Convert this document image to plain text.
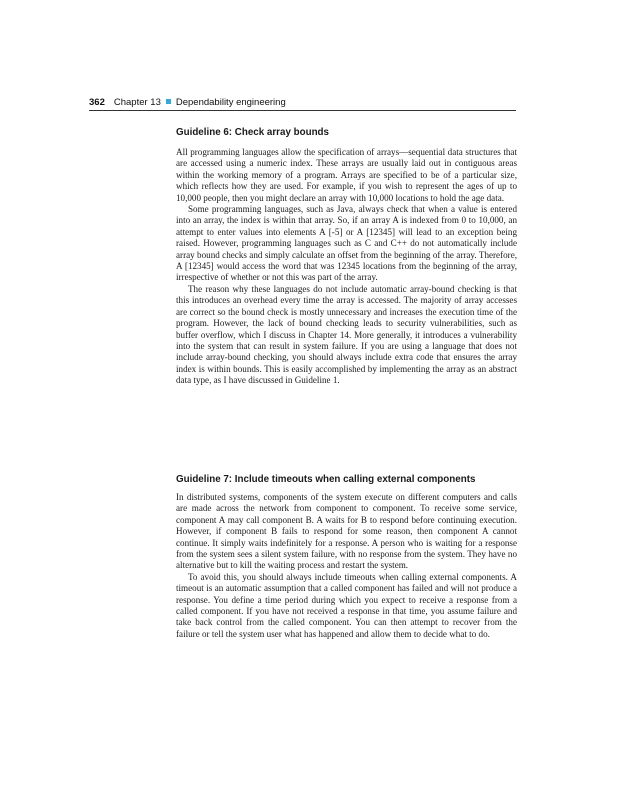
362 Chapter 13 Dependability engineering
Guideline 6: Check array bounds

All programming languages allow the specification of arrays—sequential data structures that are accessed using a numeric index. These arrays are usually laid out in contiguous areas within the working memory of a program. Arrays are specified to be of a particular size, which reflects how they are used. For example, if you wish to represent the ages of up to 10,000 people, then you might declare an array with 10,000 locations to hold the age data.

Some programming languages, such as Java, always check that when a value is entered into an array, the index is within that array. So, if an array A is indexed from 0 to 10,000, an attempt to enter values into elements A [-5] or A [12345] will lead to an exception being raised. However, programming languages such as C and C++ do not automatically include array bound checks and simply calculate an offset from the beginning of the array. Therefore, A [12345] would access the word that was 12345 locations from the beginning of the array, irrespective of whether or not this was part of the array.

The reason why these languages do not include automatic array-bound checking is that this introduces an overhead every time the array is accessed. The majority of array accesses are correct so the bound check is mostly unnecessary and increases the execution time of the program. However, the lack of bound checking leads to security vulnerabilities, such as buffer overflow, which I discuss in Chapter 14. More generally, it introduces a vulnerability into the system that can result in system failure. If you are using a language that does not include array-bound checking, you should always include extra code that ensures the array index is within bounds. This is easily accomplished by implementing the array as an abstract data type, as I have discussed in Guideline 1.

Guideline 7: Include timeouts when calling external components

In distributed systems, components of the system execute on different computers and calls are made across the network from component to component. To receive some service, component A may call component B. A waits for B to respond before continuing execution. However, if component B fails to respond for some reason, then component A cannot continue. It simply waits indefinitely for a response. A person who is waiting for a response from the system sees a silent system failure, with no response from the system. They have no alternative but to kill the waiting process and restart the system.

To avoid this, you should always include timeouts when calling external components. A timeout is an automatic assumption that a called component has failed and will not produce a response. You define a time period during which you expect to receive a response from a called component. If you have not received a response in that time, you assume failure and take back control from the called component. You can then attempt to recover from the failure or tell the system user what has happened and allow them to decide what to do.
